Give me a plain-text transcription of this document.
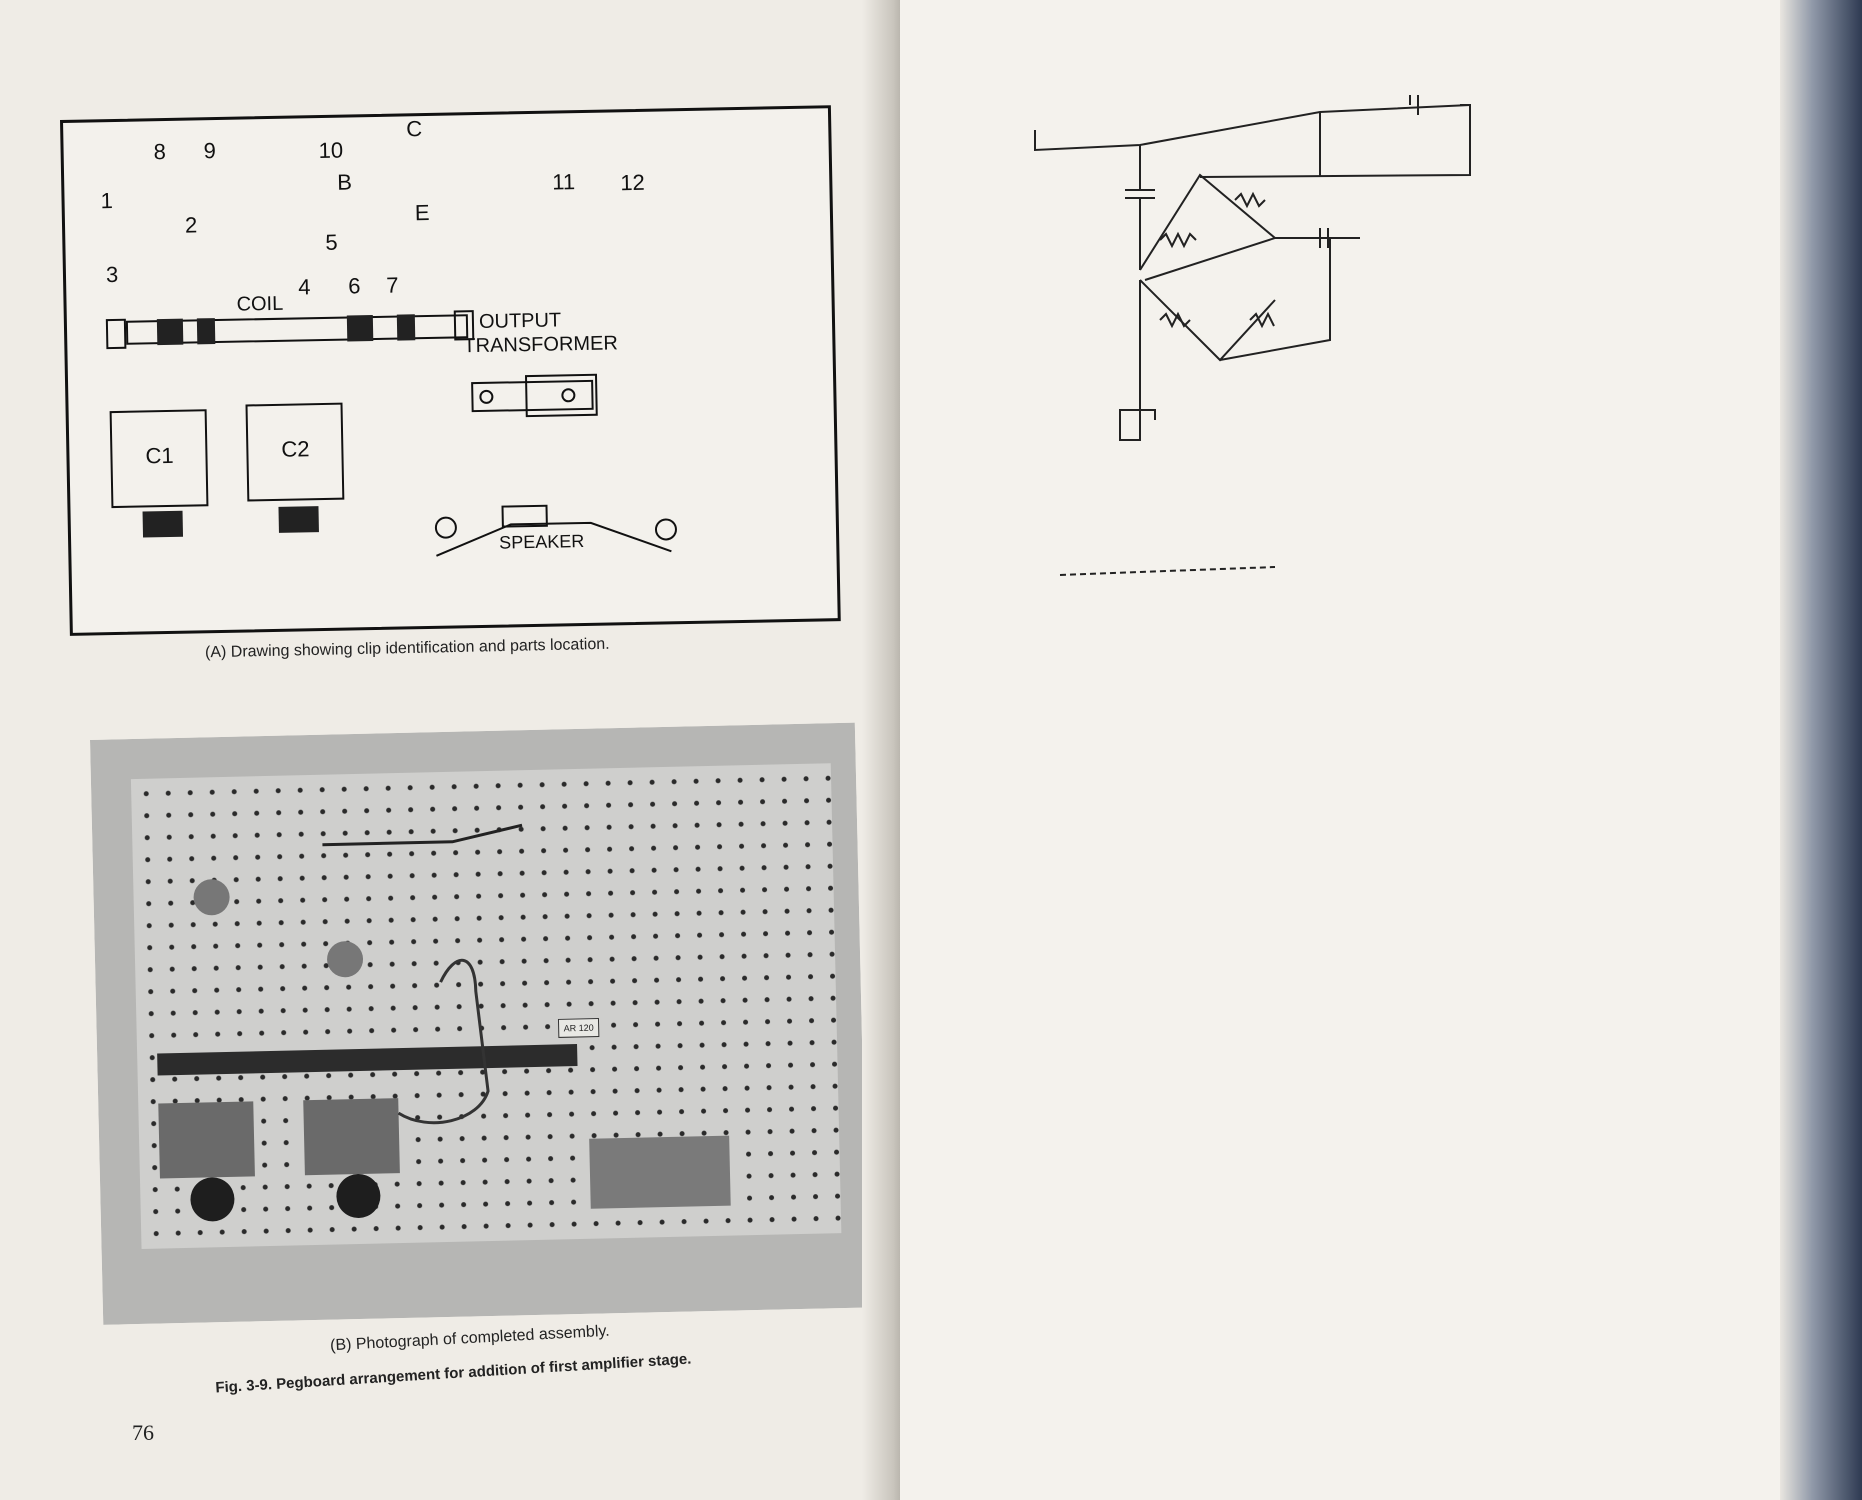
8 9	10
C
B
E
11 12
1
2
3
5
4 6 7
COIL
OUTPUT
TRANSFORMER
C1	C2
SPEAKER
(A) Drawing showing clip identification and parts location.
AR 120
(B) Photograph of completed assembly.
Fig. 3-9. Pegboard arrangement for addition of first amplifier stage.
76
